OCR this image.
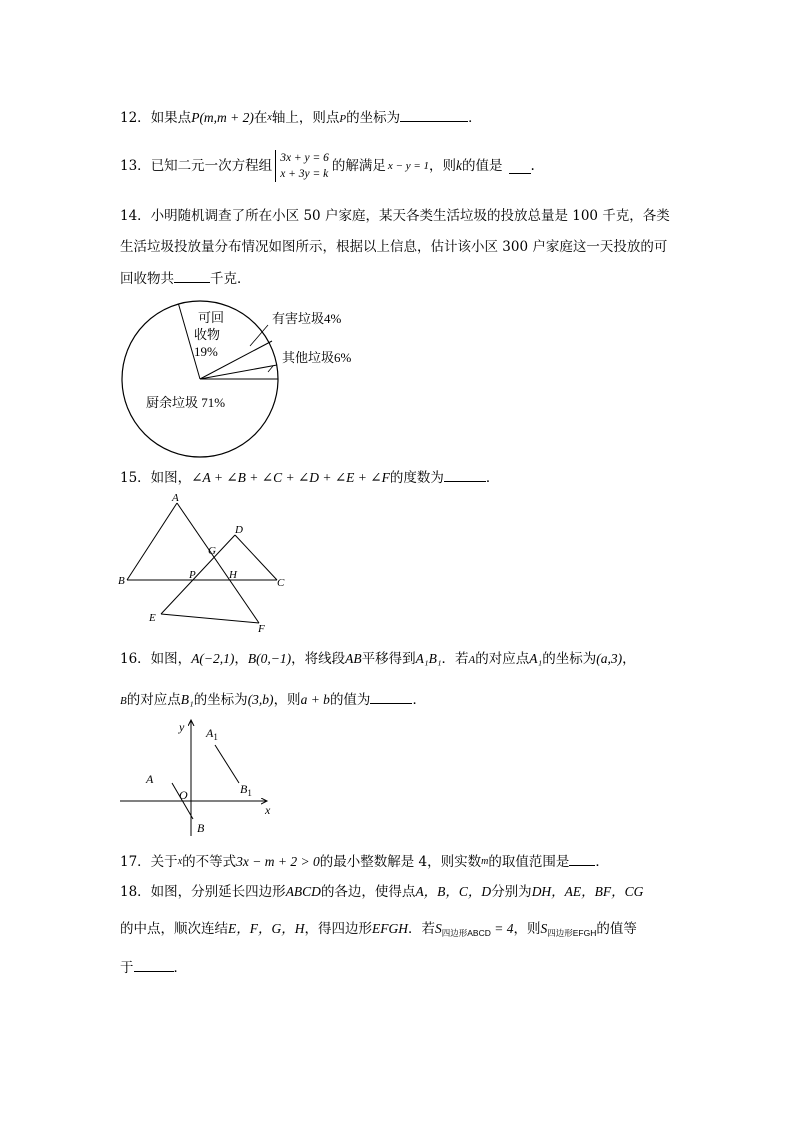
12．如果点P(m,m + 2)在x轴上，则点P的坐标为	．
13．已知二元一次方程组 3x + y = 6
x + 3y = k 的解满足 x − y = 1，则k的值是 .
14．小明随机调查了所在小区 50 户家庭，某天各类生活垃圾的投放总量是 100 千克，各类
生活垃圾投放量分布情况如图所示，根据以上信息，估计该小区 300 户家庭这一天投放的可
回收物共	千克．
可回
收物
19%
有害垃圾4%
其他垃圾6%
厨余垃圾 71%
15．如图，∠A + ∠B + ∠C + ∠D + ∠E + ∠F的度数为	．
A
B	C
D
E
F
G
P	H
16．如图，A(−2,1)，B(0,−1)，将线段AB平移得到A₁B₁．若A的对应点A₁的坐标为(a,3)，
B的对应点B₁的坐标为(3,b)，则a + b的值为	．
y
x
O
A
B
$A_1$
$B_1$
17．关于x的不等式3x − m + 2 > 0的最小整数解是 4，则实数m的取值范围是 ．
18．如图，分别延长四边形ABCD的各边，使得点A，B，C，D分别为DH，AE，BF，CG
的中点，顺次连结E，F，G，H，得四边形EFGH．若$S_{四边形ABCD} = 4$，则$S_{四边形EFGH}$的值等
于	．
